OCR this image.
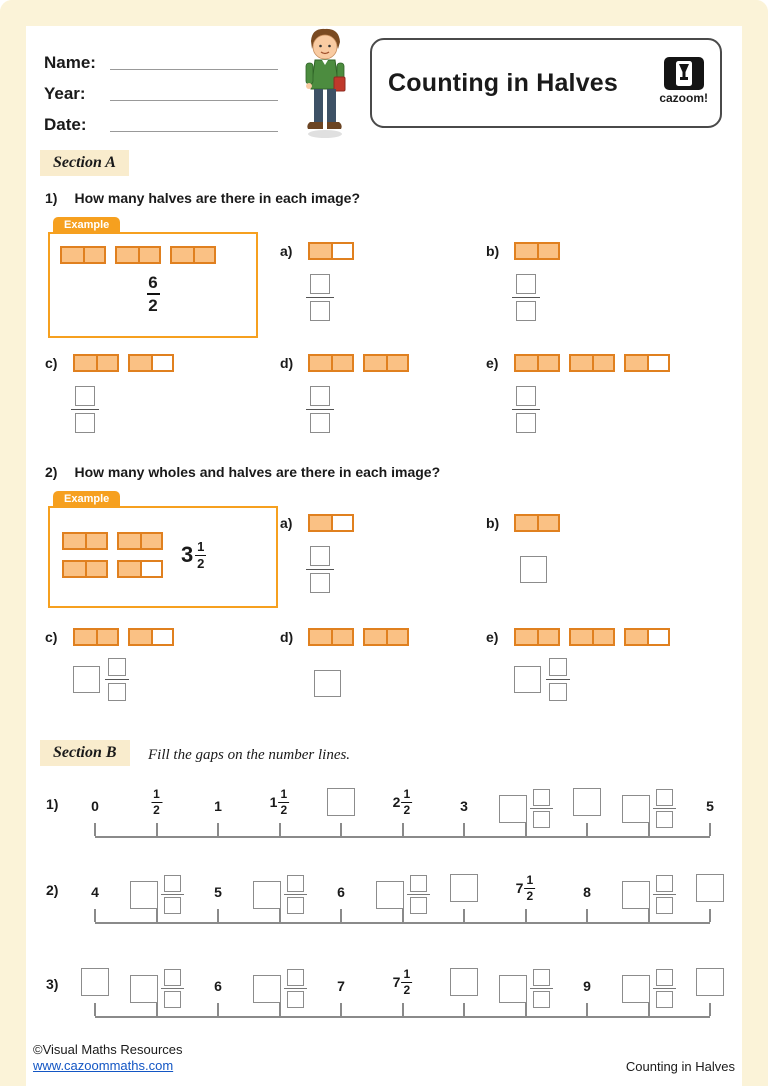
Name:
Year:
Date:
Counting in Halves
cazoom!
Section A
1) How many halves are there in each image?
Example
6
2
a)	b)
c)	d)	e)
2) How many wholes and halves are there in each image?
Example
$3 \frac{1}{2}$
a)	b)
c)	d)	e)
Section B	Fill the gaps on the number lines.
1) 0
1
2	1	$1 \frac{1}{2}$	$2 \frac{1}{2}$	3	5
2) 4	5	6	$7 \frac{1}{2}$	8
3)	6	7	$7 \frac{1}{2}$	9
©Visual Maths Resources
www.cazoommaths.com	Counting in Halves
